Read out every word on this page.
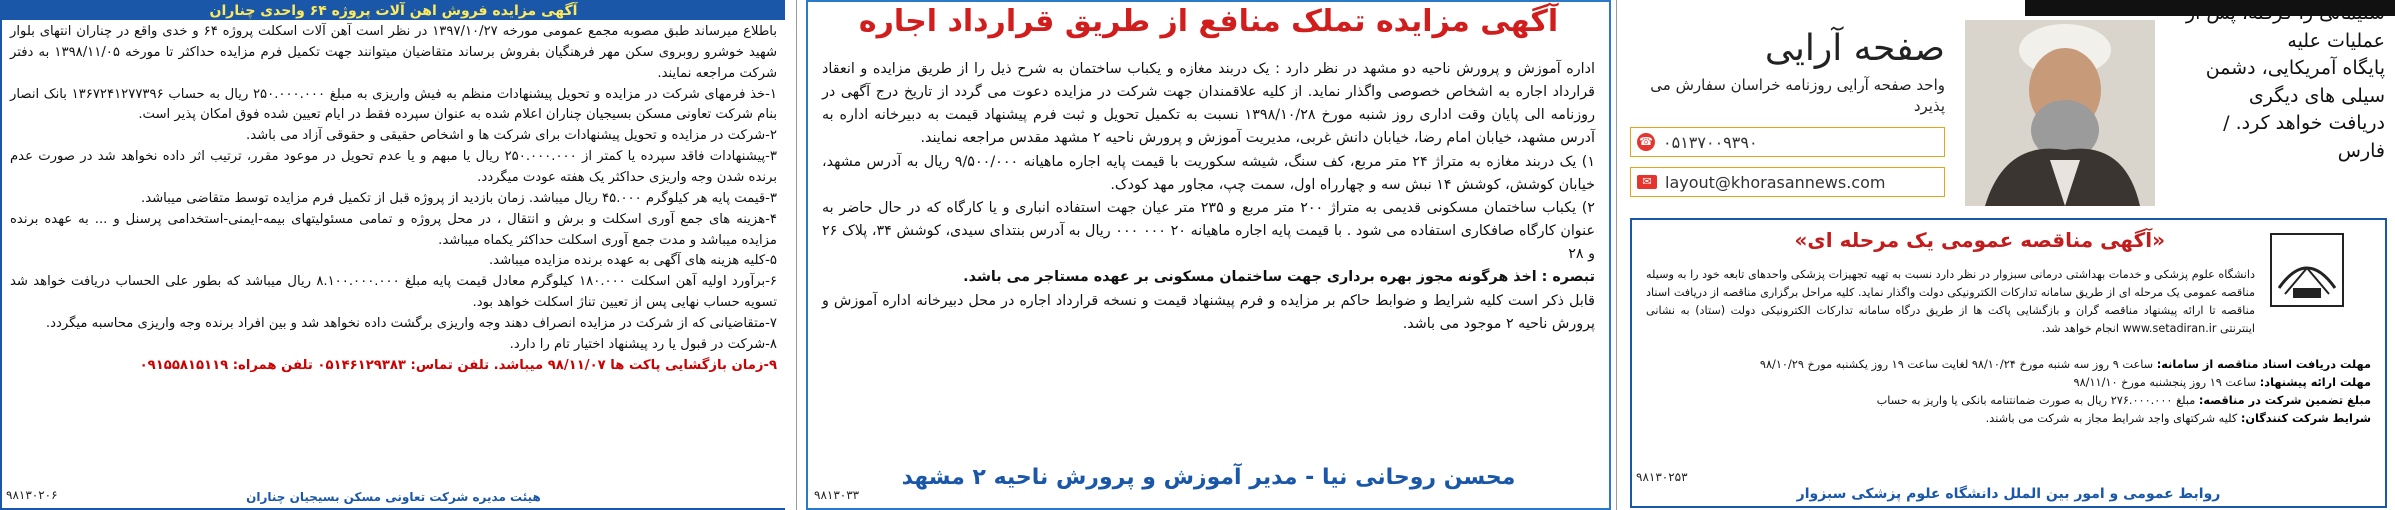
آگهی مزایده فروش اهن آلات پروژه ۶۴ واحدی چناران

باطلاع میرساند طبق مصوبه مجمع عمومی مورخه ۱۳۹۷/۱۰/۲۷ در نظر است آهن آلات اسکلت پروژه ۶۴ و خدی واقع در چناران انتهای بلوار شهید خوشرو روبروی سکن مهر فرهنگیان بفروش برساند متقاضیان میتوانند جهت تکمیل فرم مزایده حداکثر تا مورخه ۱۳۹۸/۱۱/۰۵ به دفتر شرکت مراجعه نمایند.

۱-خذ فرمهای شرکت در مزایده و تحویل پیشنهادات منظم به فیش واریزی به مبلغ ۲۵۰.۰۰۰.۰۰۰ ریال به حساب ۱۳۶۷۲۴۱۲۷۷۳۹۶ بانک انصار بنام شرکت تعاونی مسکن بسیجیان چناران اعلام شده به عنوان سپرده فقط در ایام تعیین شده فوق امکان پذیر است.

۲-شرکت در مزایده و تحویل پیشنهادات برای شرکت ها و اشخاص حقیقی و حقوقی آزاد می باشد.

۳-پیشنهادات فاقد سپرده یا کمتر از ۲۵۰.۰۰۰.۰۰۰ ریال یا مبهم و یا عدم تحویل در موعود مقرر، ترتیب اثر داده نخواهد شد در صورت عدم برنده شدن وجه واریزی حداکثر یک هفته عودت میگردد.

۳-قیمت پایه هر کیلوگرم ۴۵.۰۰۰ ریال میباشد. زمان بازدید از پروژه قبل از تکمیل فرم مزایده توسط متقاضی میباشد.

۴-هزینه های جمع آوری اسکلت و برش و انتقال ، در محل پروژه و تمامی مسئولیتهای بیمه-ایمنی-استخدامی پرسنل و ... به عهده برنده مزایده میباشد و مدت جمع آوری اسکلت حداکثر یکماه میباشد.

۵-کلیه هزینه های آگهی به عهده برنده مزایده میباشد.

۶-برآورد اولیه آهن اسکلت ۱۸۰.۰۰۰ کیلوگرم معادل قیمت پایه مبلغ ۸.۱۰۰.۰۰۰.۰۰۰ ریال میباشد که بطور علی الحساب دریافت خواهد شد تسویه حساب نهایی پس از تعیین تناژ اسکلت خواهد بود.

۷-متقاضیانی که از شرکت در مزایده انصراف دهند وجه واریزی برگشت داده نخواهد شد و بین افراد برنده وجه واریزی محاسبه میگردد.

۸-شرکت در قبول یا رد پیشنهاد اختیار تام را دارد.

۹-زمان بازگشایی پاکت ها ۹۸/۱۱/۰۷ میباشد. تلفن تماس: ۰۵۱۴۶۱۲۹۳۸۳ تلفن همراه: ۰۹۱۵۵۸۱۵۱۱۹

هیئت مدیره شرکت تعاونی مسکن بسیجیان چناران
۹۸۱۳۰۲۰۶
آگهی مزایده تملک منافع از طریق قرارداد اجاره

اداره آموزش و پرورش ناحیه دو مشهد در نظر دارد : یک دربند مغازه و یکباب ساختمان به شرح ذیل را از طریق مزایده و انعقاد قرارداد اجاره به اشخاص خصوصی واگذار نماید. از کلیه علاقمندان جهت شرکت در مزایده دعوت می گردد از تاریخ درج آگهی در روزنامه الی پایان وقت اداری روز شنبه مورخ ۱۳۹۸/۱۰/۲۸ نسبت به تکمیل تحویل و ثبت فرم پیشنهاد قیمت به دبیرخانه اداره به آدرس مشهد، خیابان امام رضا، خیابان دانش غربی، مدیریت آموزش و پرورش ناحیه ۲ مشهد مقدس مراجعه نمایند.

۱) یک دربند مغازه به متراژ ۲۴ متر مربع، کف سنگ، شیشه سکوریت با قیمت پایه اجاره ماهیانه ۹/۵۰۰/۰۰۰ ریال به آدرس مشهد، خیابان کوشش، کوشش ۱۴ نبش سه و چهارراه اول، سمت چپ، مجاور مهد کودک.

۲) یکباب ساختمان مسکونی قدیمی به متراژ ۲۰۰ متر مربع و ۲۳۵ متر عیان جهت استفاده انباری و یا کارگاه که در حال حاضر به عنوان کارگاه صافکاری استفاده می شود . با قیمت پایه اجاره ماهیانه ۲۰ ۰۰۰ ۰۰۰ ریال به آدرس بنتدای سیدی، کوشش ۳۴، پلاک ۲۶ و ۲۸

تبصره : اخذ هرگونه مجوز بهره برداری جهت ساختمان مسکونی بر عهده مستاجر می باشد.

قابل ذکر است کلیه شرایط و ضوابط حاکم بر مزایده و فرم پیشنهاد قیمت و نسخه قرارداد اجاره در محل دبیرخانه اداره آموزش و پرورش ناحیه ۲ موجود می باشد.

محسن روحانی نیا - مدیر آموزش و پرورش ناحیه ۲ مشهد
۹۸۱۳۰۳۳
سلیمانی را گرفته، پس از عملیات علیه
پایگاه آمریکایی، دشمن
سیلی های دیگری
دریافت خواهد کرد. /
فارس
صفحه آرایی
واحد صفحه آرایی روزنامه خراسان سفارش می پذیرد
۰۵۱۳۷۰۰۹۳۹۰
☎
layout@khorasannews.com
✉
«آگهی مناقصه عمومی یک مرحله ای»
دانشگاه علوم پزشکی و خدمات بهداشتی درمانی سبزوار در نظر دارد نسبت به تهیه تجهیزات پزشکی واحدهای تابعه خود را به وسیله مناقصه عمومی یک مرحله ای از طریق سامانه تدارکات الکترونیکی دولت واگذار نماید. کلیه مراحل برگزاری مناقصه از دریافت اسناد مناقصه تا ارائه پیشنهاد مناقصه گران و بازگشایی پاکت ها از طریق درگاه سامانه تدارکات الکترونیکی دولت (ستاد) به نشانی اینترنتی www.setadiran.ir انجام خواهد شد.
مهلت دریافت اسناد مناقصه از سامانه: ساعت ۹ روز سه شنبه مورخ ۹۸/۱۰/۲۴ لغایت ساعت ۱۹ روز یکشنبه مورخ ۹۸/۱۰/۲۹
مهلت ارائه پیشنهاد: ساعت ۱۹ روز پنجشنبه مورخ ۹۸/۱۱/۱۰
مبلغ تضمین شرکت در مناقصه: مبلغ ۲۷۶.۰۰۰.۰۰۰ ریال به صورت ضمانتنامه بانکی یا واریز به حساب
شرایط شرکت کنندگان: کلیه شرکتهای واجد شرایط مجاز به شرکت می باشند.
روابط عمومی و امور بین الملل دانشگاه علوم پزشکی سبزوار
۹۸۱۳۰۲۵۳
